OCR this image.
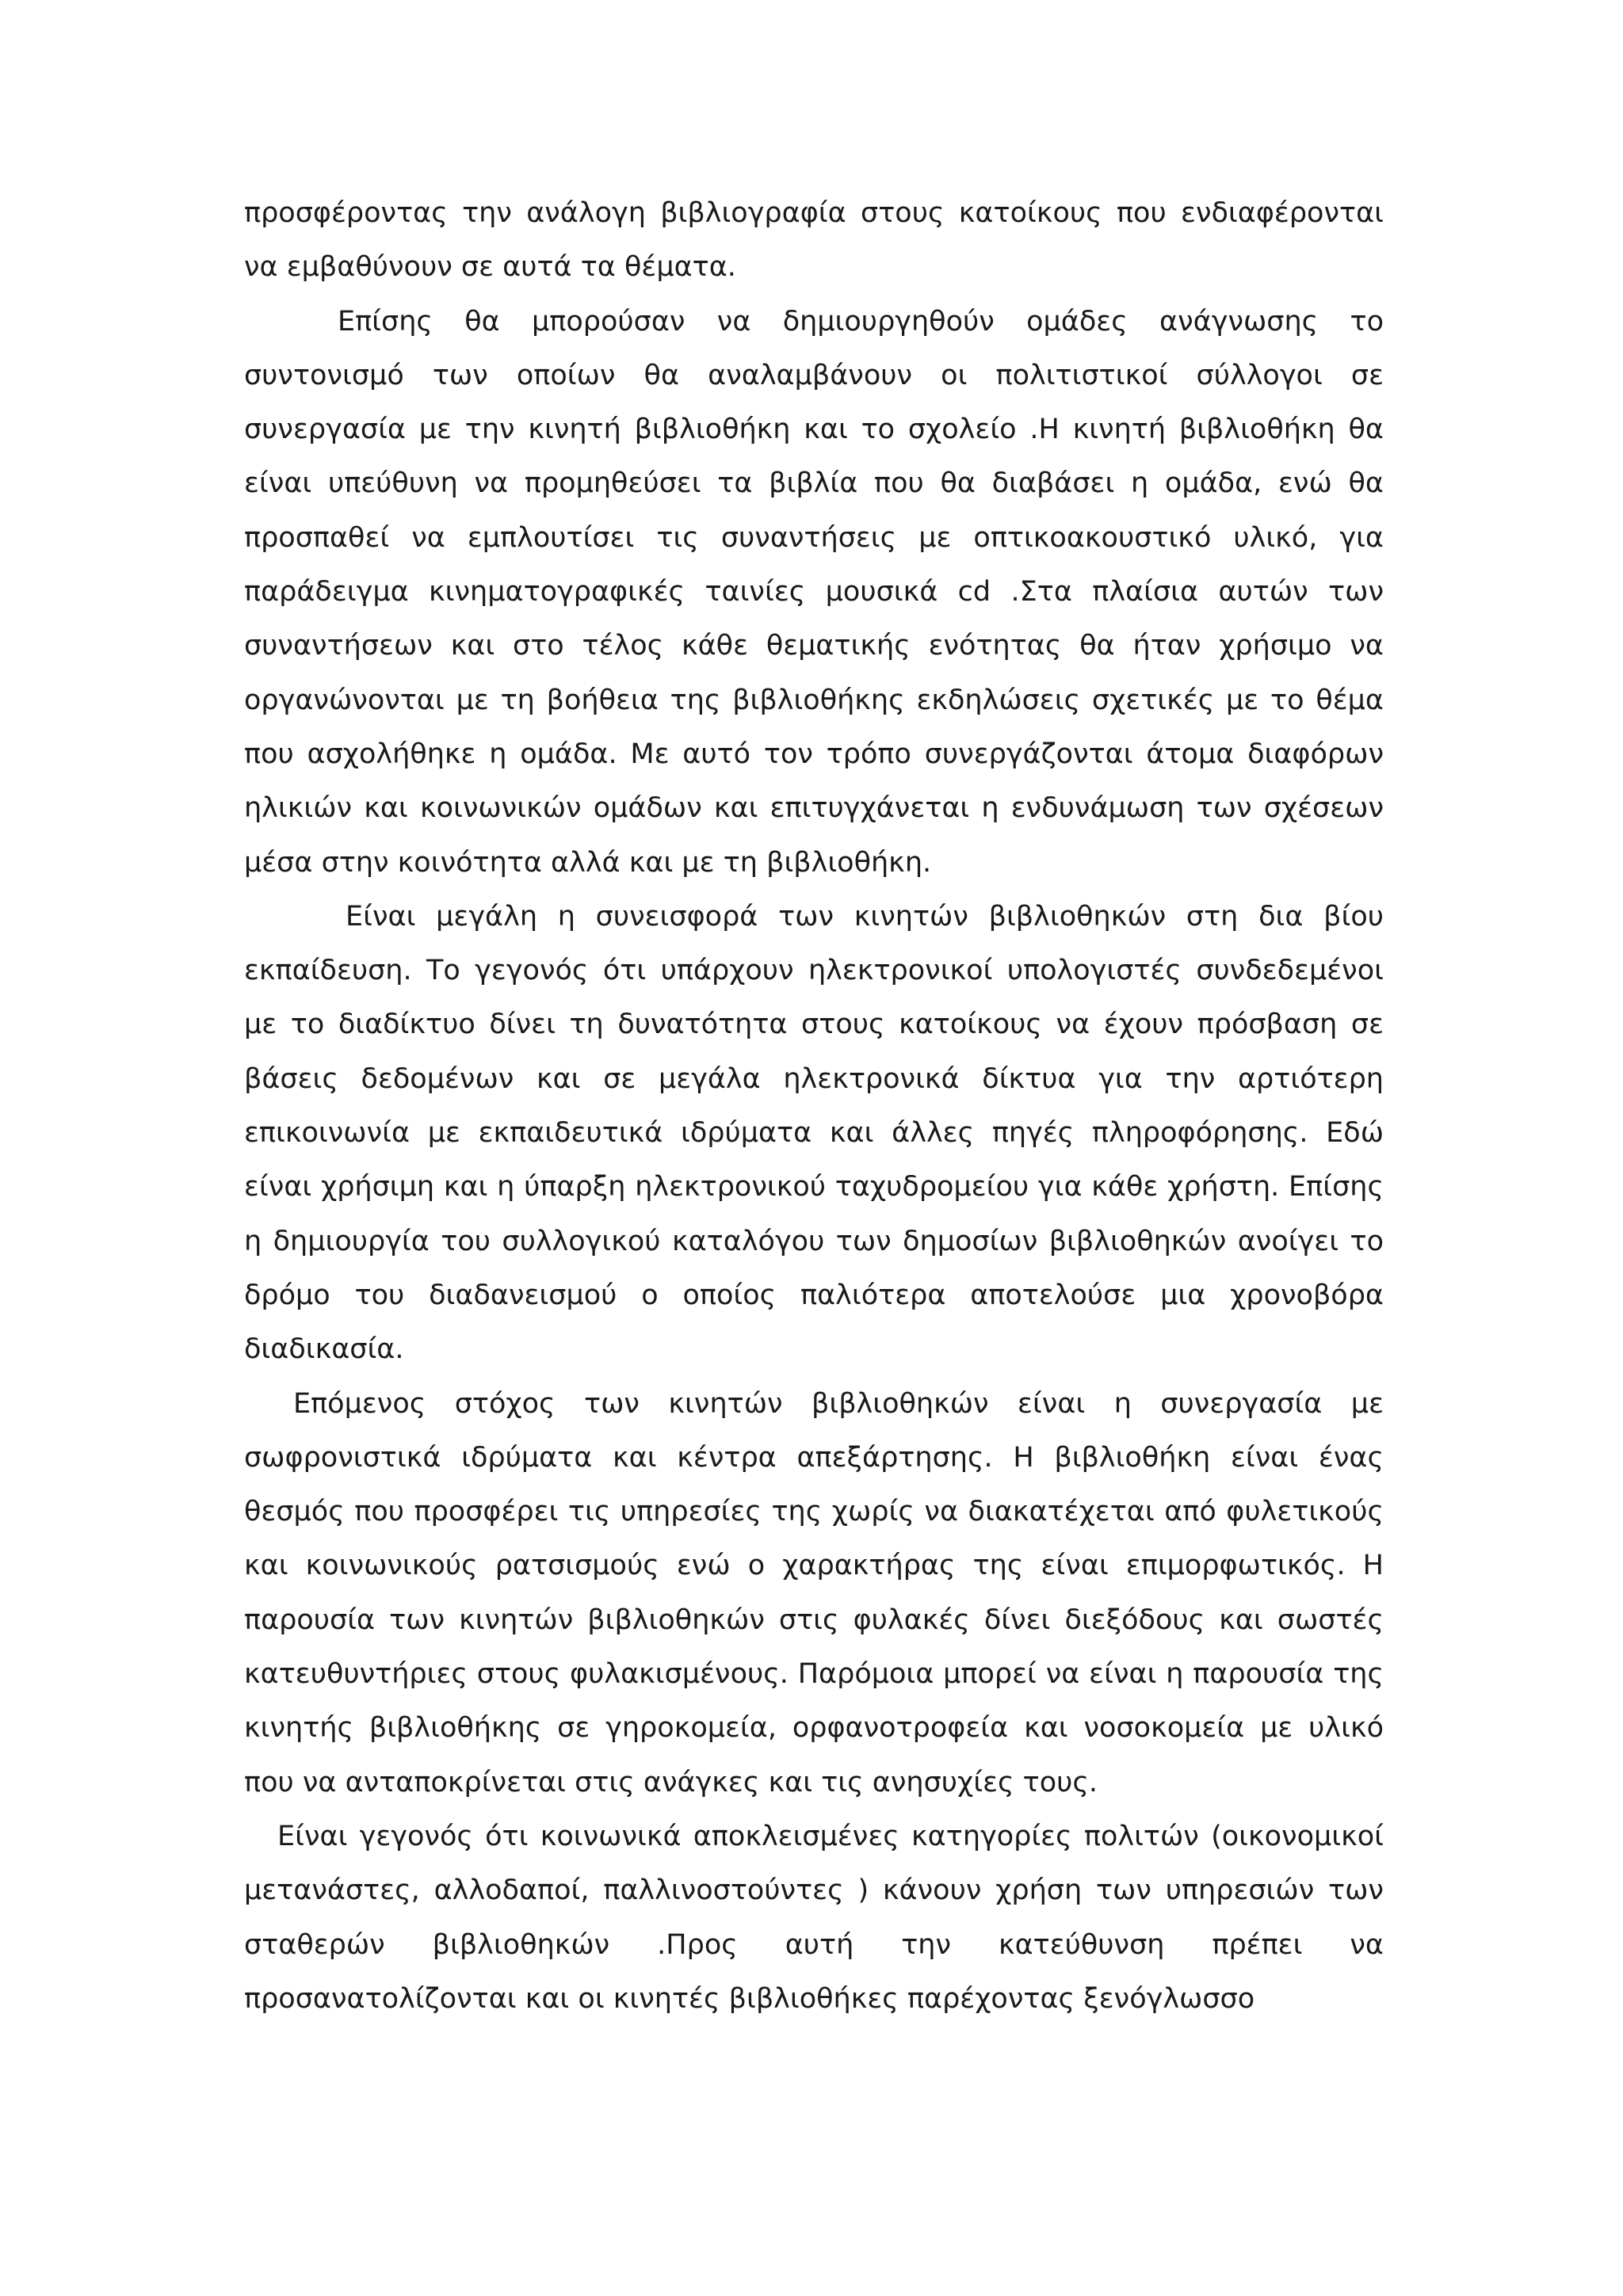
προσφέροντας την ανάλογη βιβλιογραφία στους κατοίκους που ενδιαφέρονται να εμβαθύνουν σε αυτά τα θέματα.

Επίσης θα μπορούσαν να δημιουργηθούν ομάδες ανάγνωσης το συντονισμό των οποίων θα αναλαμβάνουν οι πολιτιστικοί σύλλογοι σε συνεργασία με την κινητή βιβλιοθήκη και το σχολείο .Η κινητή βιβλιοθήκη θα είναι υπεύθυνη να προμηθεύσει τα βιβλία που θα διαβάσει η ομάδα, ενώ θα προσπαθεί να εμπλουτίσει τις συναντήσεις με οπτικοακουστικό υλικό, για παράδειγμα κινηματογραφικές ταινίες μουσικά cd .Στα πλαίσια αυτών των συναντήσεων και στο τέλος κάθε θεματικής ενότητας θα ήταν χρήσιμο να οργανώνονται με τη βοήθεια της βιβλιοθήκης εκδηλώσεις σχετικές με το θέμα που ασχολήθηκε η ομάδα. Με αυτό τον τρόπο συνεργάζονται άτομα διαφόρων ηλικιών και κοινωνικών ομάδων και επιτυγχάνεται η ενδυνάμωση των σχέσεων μέσα στην κοινότητα αλλά και με τη βιβλιοθήκη.

Είναι μεγάλη η συνεισφορά των κινητών βιβλιοθηκών στη δια βίου εκπαίδευση. Το γεγονός ότι υπάρχουν ηλεκτρονικοί υπολογιστές συνδεδεμένοι με το διαδίκτυο δίνει τη δυνατότητα στους κατοίκους να έχουν πρόσβαση σε βάσεις δεδομένων και σε μεγάλα ηλεκτρονικά δίκτυα για την αρτιότερη επικοινωνία με εκπαιδευτικά ιδρύματα και άλλες πηγές πληροφόρησης. Εδώ είναι χρήσιμη και η ύπαρξη ηλεκτρονικού ταχυδρομείου για κάθε χρήστη. Επίσης η δημιουργία του συλλογικού καταλόγου των δημοσίων βιβλιοθηκών ανοίγει το δρόμο του διαδανεισμού ο οποίος παλιότερα αποτελούσε μια χρονοβόρα διαδικασία.

Επόμενος στόχος των κινητών βιβλιοθηκών είναι η συνεργασία με σωφρονιστικά ιδρύματα και κέντρα απεξάρτησης. Η βιβλιοθήκη είναι ένας θεσμός που προσφέρει τις υπηρεσίες της χωρίς να διακατέχεται από φυλετικούς και κοινωνικούς ρατσισμούς ενώ ο χαρακτήρας της είναι επιμορφωτικός. Η παρουσία των κινητών βιβλιοθηκών στις φυλακές δίνει διεξόδους και σωστές κατευθυντήριες στους φυλακισμένους. Παρόμοια μπορεί να είναι η παρουσία της κινητής βιβλιοθήκης σε γηροκομεία, ορφανοτροφεία και νοσοκομεία με υλικό που να ανταποκρίνεται στις ανάγκες και τις ανησυχίες τους.

Είναι γεγονός ότι κοινωνικά αποκλεισμένες κατηγορίες πολιτών (οικονομικοί μετανάστες, αλλοδαποί, παλλινοστούντες ) κάνουν χρήση των υπηρεσιών των σταθερών βιβλιοθηκών .Προς αυτή την κατεύθυνση πρέπει να προσανατολίζονται και οι κινητές βιβλιοθήκες παρέχοντας ξενόγλωσσο
